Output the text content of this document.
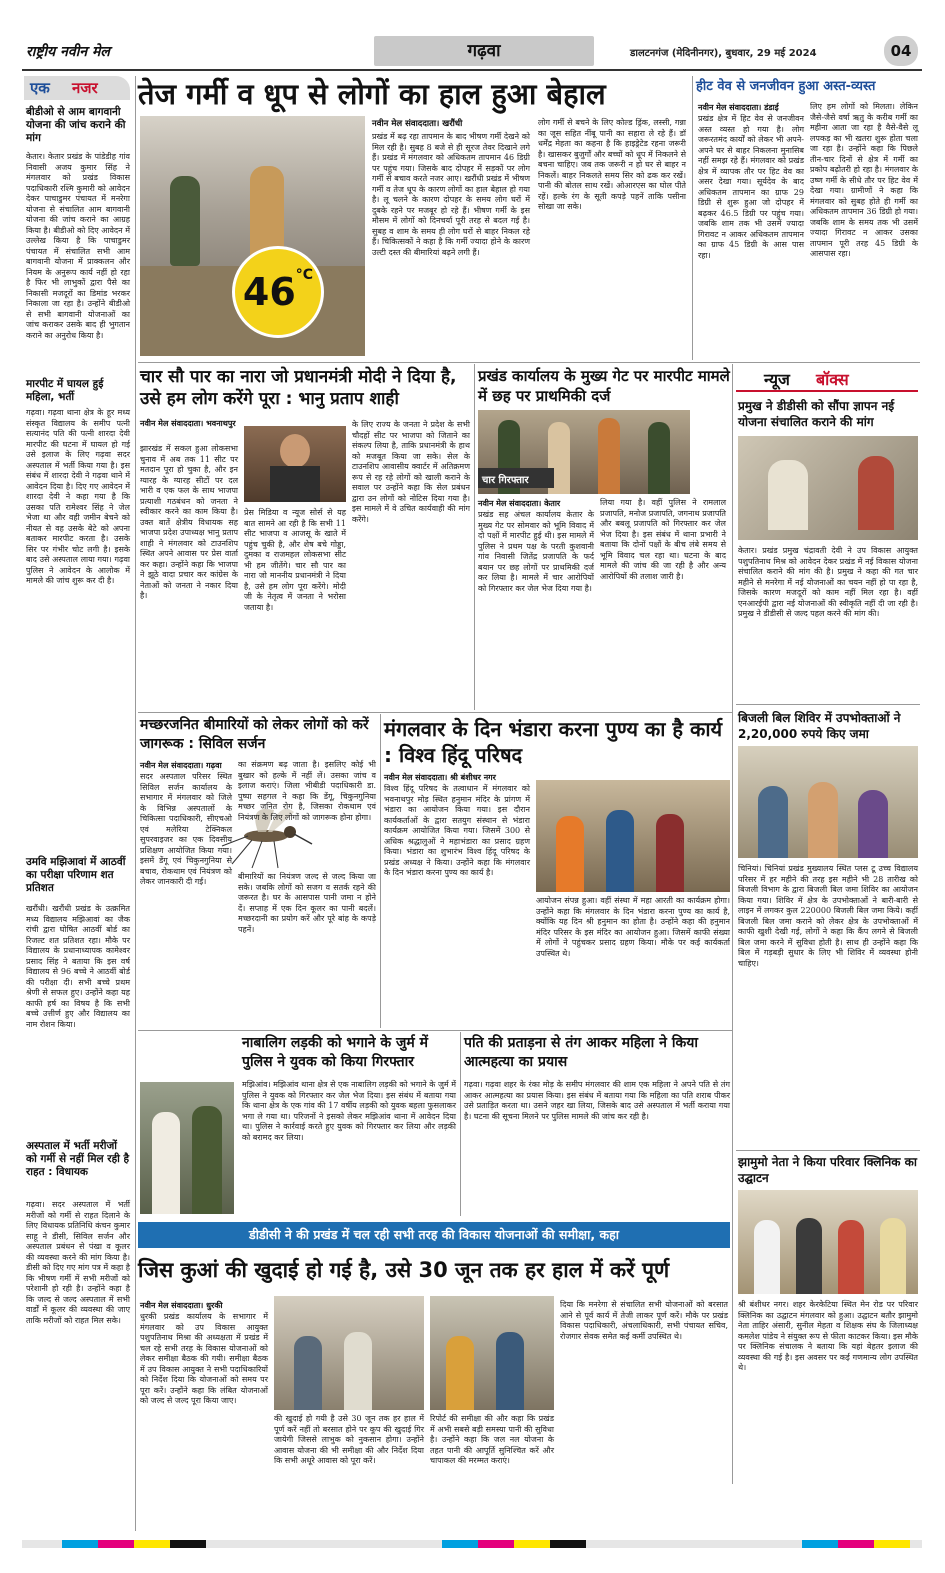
राष्ट्रीय नवीन मेल	गढ़वा	डालटनगंज (मेदिनीनगर), बुधवार, 29 मई 2024	04
एक नजर
बीडीओ से आम बागवानी योजना की जांच कराने की मांग
केतार। केतार प्रखंड के पांडेडीह गांव निवासी अजय कुमार सिंह ने मंगलवार को प्रखंड विकास पदाधिकारी रश्मि कुमारी को आवेदन देकर पाचाडुमर पंचायत में मनरेगा योजना से संचालित आम बागवानी योजना की जांच कराने का आग्रह किया है। बीडीओ को दिए आवेदन में उल्लेख किया है कि पाचाडुमर पंचायत में संचालित सभी आम बागवानी योजना में प्राक्कलन और नियम के अनुरूप कार्य नहीं हो रहा है फिर भी लाभुकों द्वारा पैसे का निकासी मजदूरों का डिमांड भरकर निकाला जा रहा है। उन्होंने बीडीओ से सभी बागवानी योजनाओं का जांच कराकर उसके बाद ही भुगतान कराने का अनुरोध किया है।
मारपीट में घायल हुई महिला, भर्ती
गढ़वा। गढ़वा थाना क्षेत्र के हूर मध्य संस्कृत विद्यालय के समीप पत्नी सत्यानंद पति की पत्नी शारदा देवी मारपीट की घटना में घायल हो गई उसे इलाज के लिए गढ़वा सदर अस्पताल में भर्ती किया गया है। इस संबंध में शारदा देवी ने गढ़वा थाने में आवेदन दिया है। दिए गए आवेदन में शारदा देवी ने कहा गया है कि उसका पति रामेश्वर सिंह ने जेल भेजा था और वही जमीन बेचने को नीयत से वह उसके बेटे को अपना बताकर मारपीट करता है। उसके सिर पर गंभीर चोट लगी है। इसके बाद उसे अस्पताल लाया गया। गढ़वा पुलिस ने आवेदन के आलोक में मामले की जांच शुरू कर दी है।
उमवि मझिआवां में आठवीं का परीक्षा परिणाम शत प्रतिशत
खरौंधी। खरौंधी प्रखंड के उत्क्रमित मध्य विद्यालय मझिआवां का जैक रांची द्वारा घोषित आठवीं बोर्ड का रिजल्ट शत प्रतिशत रहा। मौके पर विद्यालय के प्रधानाध्यापक कामेश्वर प्रसाद सिंह ने बताया कि इस वर्ष विद्यालय से 96 बच्चे ने आठवीं बोर्ड की परीक्षा दी। सभी बच्चे प्रथम श्रेणी से सफल हुए। उन्होंने कहा यह काफी हर्ष का विषय है कि सभी बच्चे उत्तीर्ण हुए और विद्यालय का नाम रोशन किया।
अस्पताल में भर्ती मरीजों को गर्मी से नहीं मिल रही है राहत : विधायक
गढ़वा। सदर अस्पताल में भर्ती मरीजों को गर्मी से राहत दिलाने के लिए विधायक प्रतिनिधि कंचन कुमार साहू ने डीसी, सिविल सर्जन और अस्पताल प्रबंधन से पंखा व कूलर की व्यवस्था करने की मांग किया है। डीसी को दिए गए मांग पत्र में कहा है कि भीषण गर्मी में सभी मरीजों को परेशानी हो रही है। उन्होंने कहा है कि जल्द से जल्द अस्पताल में सभी वार्डों में कूलर की व्यवस्था की जाए ताकि मरीजों को राहत मिल सके।
तेज गर्मी व धूप से लोगों का हाल हुआ बेहाल
46°C
नवीन मेल संवाददाता। खरौंधी
प्रखंड में बढ़ रहा तापमान के बाद भीषण गर्मी देखने को मिल रही है। सुबह 8 बजे से ही सूरज तेवर दिखाने लगे हैं। प्रखंड में मंगलवार को अधिकतम तापमान 46 डिग्री पर पहुंच गया। जिसके बाद दोपहर में सड़कों पर लोग गर्मी से बचाव करते नजर आए। खरौंधी प्रखंड में भीषण गर्मी व तेज धूप के कारण लोगों का हाल बेहाल हो गया है। लू चलने के कारण दोपहर के समय लोग घरों में दुबके रहने पर मजबूर हो रहे हैं। भीषण गर्मी के इस मौसम में लोगों को दिनचर्या पूरी तरह से बदल गई है। सुबह व शाम के समय ही लोग घरों से बाहर निकल रहे हैं। चिकित्सकों ने कहा है कि गर्मी ज्यादा होने के कारण उल्टी दस्त की बीमारियां बढ़ने लगी हैं।
लोग गर्मी से बचने के लिए कोल्ड ड्रिंक, लस्सी, गन्ना का जूस सहित नींबू पानी का सहारा ले रहे हैं। डॉ धर्मेंद्र मेहता का कहना है कि हाइड्रेटेड रहना जरूरी है। खासकर बुजुर्गों और बच्चों को धूप में निकलने से बचना चाहिए। जब तक जरूरी न हो घर से बाहर न निकलें। बाहर निकलते समय सिर को ढक कर रखें। पानी की बोतल साथ रखें। ओआरएस का घोल पीते रहें। हल्के रंग के सूती कपड़े पहनें ताकि पसीना सोखा जा सके।
हीट वेव से जनजीवन हुआ अस्त-व्यस्त
नवीन मेल संवाददाता। डंडाई
प्रखंड क्षेत्र में हिट वेव से जनजीवन अस्त व्यस्त हो गया है। लोग जरूरतमंद कार्यों को लेकर भी अपने-अपने घर से बाहर निकलना मुनासिब नहीं समझ रहे हैं। मंगलवार को प्रखंड क्षेत्र में व्यापक तौर पर हिट वेव का असर देखा गया। सूर्यदेव के बाद अधिकतम तापमान का ग्राफ 29 डिग्री से शुरू हुआ जो दोपहर में बढ़कर 46.5 डिग्री पर पहुंच गया। जबकि शाम तक भी उसमें ज्यादा गिरावट न आकर अधिकतम तापमान का ग्राफ 45 डिग्री के आस पास रहा।
लिए हम लोगों को मिलता। लेकिन जैसे-जैसे वर्षा ऋतु के करीब गर्मी का महीना आता जा रहा है वैसे-वैसे लू लपकड़ का भी खतरा शुरू होता चला जा रहा है। उन्होंने कहा कि पिछले तीन-चार दिनों से क्षेत्र में गर्मी का प्रकोप बढ़ोतरी हो रहा है। मंगलवार के उष्ण गर्मी के सीधे तौर पर हिट वेव में देखा गया। ग्रामीणों ने कहा कि मंगलवार को सुबह होते ही गर्मी का अधिकतम तापमान 36 डिग्री हो गया। जबकि शाम के समय तक भी उसमें ज्यादा गिरावट न आकर उसका तापमान पूरी तरह 45 डिग्री के आसपास रहा।
चार सौ पार का नारा जो प्रधानमंत्री मोदी ने दिया है, उसे हम लोग करेंगे पूरा : भानु प्रताप शाही
नवीन मेल संवाददाता। भवनाथपुर
झारखंड में सकल हुआ लोकसभा चुनाव में अब तक 11 सीट पर मतदान पूरा हो चुका है, और इन ग्यारह के ग्यारह सीटों पर दल भारी व एक फल के साथ भाजपा प्रत्याशी गठबंधन को जनता ने स्वीकार करने का काम किया है। उक्त बातें क्षेत्रीय विधायक सह भाजपा प्रदेश उपाध्यक्ष भानु प्रताप शाही ने मंगलवार को टाउनशिप स्थित अपने आवास पर प्रेस वार्ता कर कहा। उन्होंने कहा कि भाजपा ने झूठे वादा प्रचार कर कांग्रेस के नेताओं को जनता ने नकार दिया है।
प्रेस मिडिया व न्यूज सोर्स से यह बात सामने आ रही है कि सभी 11 सीट भाजपा व आजसू के खाते में पहुंच चुकी है, और शेष बचे गोड्डा, दुमका व राजमहल लोकसभा सीट भी हम जीतेंगे। चार सौ पार का नारा जो माननीय प्रधानमंत्री ने दिया है, उसे हम लोग पूरा करेंगे। मोदी जी के नेतृत्व में जनता ने भरोसा जताया है।
के लिए राज्य के जनता ने प्रदेश के सभी चौदहों सीट पर भाजपा को जिताने का संकल्प लिया है, ताकि प्रधानमंत्री के हाथ को मजबूत किया जा सके। सेल के टाउनशिप आवासीय क्वार्टर में अतिक्रमण रूप से रह रहे लोगों को खाली कराने के सवाल पर उन्होंने कहा कि सेल प्रबंधन द्वारा उन लोगों को नोटिस दिया गया है। इस मामले में वे उचित कार्यवाही की मांग करेंगे।
प्रखंड कार्यालय के मुख्य गेट पर मारपीट मामले में छह पर प्राथमिकी दर्ज
चार गिरफ्तार
नवीन मेल संवाददाता। केतार
प्रखंड सह अंचल कार्यालय केतार के मुख्य गेट पर सोमवार को भूमि विवाद में दो पक्षों में मारपीट हुई थी। इस मामले में पुलिस ने प्रथम पक्ष के परती कुशवानी गांव निवासी जितेंद्र प्रजापति के फर्द बयान पर छह लोगों पर प्राथमिकी दर्ज कर लिया है। मामले में चार आरोपियों को गिरफ्तार कर जेल भेज दिया गया है।
लिया गया है। वहीं पुलिस ने रामलाल प्रजापति, मनोज प्रजापति, जगनाथ प्रजापति और बबलू प्रजापति को गिरफ्तार कर जेल भेज दिया है। इस संबंध में थाना प्रभारी ने बताया कि दोनों पक्षों के बीच लंबे समय से भूमि विवाद चल रहा था। घटना के बाद मामले की जांच की जा रही है और अन्य आरोपियों की तलाश जारी है।
न्यूज बॉक्स
प्रमुख ने डीडीसी को सौंपा ज्ञापन नई योजना संचालित कराने की मांग
केतार। प्रखंड प्रमुख चंद्रावती देवी ने उप विकास आयुक्त पशुपतिनाथ मिश्र को आवेदन देकर प्रखंड में नई विकास योजना संचालित कराने की मांग की है। प्रमुख ने कहा की गत चार महीने से मनरेगा में नई योजनाओं का चयन नहीं हो पा रहा है, जिसके कारण मजदूरों को काम नहीं मिल रहा है। वहीं एनआरईपी द्वारा नई योजनाओं की स्वीकृति नहीं दी जा रही है। प्रमुख ने डीडीसी से जल्द पहल करने की मांग की।
बिजली बिल शिविर में उपभोक्ताओं ने 2,20,000 रुपये किए जमा
चिनियां। चिनियां प्रखंड मुख्यालय स्थित प्लस टू उच्च विद्यालय परिसर में हर महीने की तरह इस महीने भी 28 तारीख को बिजली विभाग के द्वारा बिजली बिल जमा शिविर का आयोजन किया गया। शिविर में क्षेत्र के उपभोक्ताओं ने बारी-बारी से लाइन में लगकर कुल 220000 बिजली बिल जमा किये। कहीं बिजली बिल जमा कराने को लेकर क्षेत्र के उपभोक्ताओं में काफी खुशी देखी गई, लोगों ने कहा कि कैंप लगने से बिजली बिल जमा करने में सुविधा होती है। साथ ही उन्होंने कहा कि बिल में गड़बड़ी सुधार के लिए भी शिविर में व्यवस्था होनी चाहिए।
झामुमो नेता ने किया परिवार क्लिनिक का उद्घाटन
श्री बंशीधर नगर। शहर केरकेटिया स्थित मेन रोड पर परिवार क्लिनिक का उद्घाटन मंगलवार को हुआ। उद्घाटन बतौर झामुमो नेता ताहिर अंसारी, सुनील मेहता व शिक्षक संघ के जिलाध्यक्ष कमलेश पांडेय ने संयुक्त रूप से फीता काटकर किया। इस मौके पर क्लिनिक संचालक ने बताया कि यहां बेहतर इलाज की व्यवस्था की गई है। इस अवसर पर कई गणमान्य लोग उपस्थित थे।
मच्छरजनित बीमारियों को लेकर लोगों को करें जागरूक : सिविल सर्जन
नवीन मेल संवाददाता। गढ़वा
सदर अस्पताल परिसर स्थित सिविल सर्जन कार्यालय के सभागार में मंगलवार को जिले के विभिन्न अस्पतालों के चिकित्सा पदाधिकारी, सीएचओ एवं मलेरिया टेक्निकल सुपरवाइजर का एक दिवसीय प्रशिक्षण आयोजित किया गया। इसमें डेंगू एवं चिकुनगुनिया से बचाव, रोकथाम एवं नियंत्रण को लेकर जानकारी दी गई।
का संक्रमण बढ़ जाता है। इसलिए कोई भी बुखार को हल्के में नहीं लें। उसका जांच व इलाज कराएं। जिला भीबीडी पदाधिकारी डा. पुष्पा सहगल ने कहा कि डेंगू, चिकुनगुनिया मच्छर जनित रोग है, जिसका रोकथाम एवं नियंत्रण के लिए लोगों को जागरूक होना होगा।
बीमारियों का नियंत्रण जल्द से जल्द किया जा सके। जबकि लोगों को सजग व सतर्क रहने की जरूरत है। घर के आसपास पानी जमा न होने दें। सप्ताह में एक दिन कूलर का पानी बदलें। मच्छरदानी का प्रयोग करें और पूरे बांह के कपड़े पहनें।
मंगलवार के दिन भंडारा करना पुण्य का है कार्य : विश्व हिंदू परिषद
नवीन मेल संवाददाता। श्री बंशीधर नगर
विश्व हिंदू परिषद के तत्वाधान में मंगलवार को भवनाथपुर मोड़ स्थित हनुमान मंदिर के प्रांगण में भंडारा का आयोजन किया गया। इस दौरान कार्यकर्ताओं के द्वारा सतयुग संस्थान से भंडारा कार्यक्रम आयोजित किया गया। जिसमें 300 से अधिक श्रद्धालुओं ने महाभंडारा का प्रसाद ग्रहण किया। भंडारा का शुभारंभ विश्व हिंदू परिषद के प्रखंड अध्यक्ष ने किया। उन्होंने कहा कि मंगलवार के दिन भंडारा करना पुण्य का कार्य है।
आयोजन संपन्न हुआ। वहीं संस्था में महा आरती का कार्यक्रम होगा। उन्होंने कहा कि मंगलवार के दिन भंडारा करना पुण्य का कार्य है, क्योंकि यह दिन श्री हनुमान का होता है। उन्होंने कहा की हनुमान मंदिर परिसर के इस मंदिर का आयोजन हुआ। जिसमें काफी संख्या में लोगों ने पहुंचकर प्रसाद ग्रहण किया। मौके पर कई कार्यकर्ता उपस्थित थे।
नाबालिग लड़की को भगाने के जुर्म में पुलिस ने युवक को किया गिरफ्तार
मझिआंव। मझिआंव थाना क्षेत्र से एक नाबालिग लड़की को भगाने के जुर्म में पुलिस ने युवक को गिरफ्तार कर जेल भेज दिया। इस संबंध में बताया गया कि थाना क्षेत्र के एक गांव की 17 वर्षीय लड़की को युवक बहला फुसलाकर भगा ले गया था। परिजनों ने इसको लेकर मझिआंव थाना में आवेदन दिया था। पुलिस ने कार्रवाई करते हुए युवक को गिरफ्तार कर लिया और लड़की को बरामद कर लिया।
पति की प्रताड़ना से तंग आकर महिला ने किया आत्महत्या का प्रयास
गढ़वा। गढ़वा शहर के रंका मोड़ के समीप मंगलवार की शाम एक महिला ने अपने पति से तंग आकर आत्महत्या का प्रयास किया। इस संबंध में बताया गया कि महिला का पति शराब पीकर उसे प्रताड़ित करता था। उसने जहर खा लिया, जिसके बाद उसे अस्पताल में भर्ती कराया गया है। घटना की सूचना मिलने पर पुलिस मामले की जांच कर रही है।
डीडीसी ने की प्रखंड में चल रही सभी तरह की विकास योजनाओं की समीक्षा, कहा
जिस कुआं की खुदाई हो गई है, उसे 30 जून तक हर हाल में करें पूर्ण
नवीन मेल संवाददाता। धुरकी
धुरकी प्रखंड कार्यालय के सभागार में मंगलवार को उप विकास आयुक्त पशुपतिनाथ मिश्रा की अध्यक्षता में प्रखंड में चल रहे सभी तरह के विकास योजनाओं को लेकर समीक्षा बैठक की गयी। समीक्षा बैठक में उप विकास आयुक्त ने सभी पदाधिकारियों को निर्देश दिया कि योजनाओं को समय पर पूरा करें। उन्होंने कहा कि लंबित योजनाओं को जल्द से जल्द पूरा किया जाए।
की खुदाई हो गयी है उसे 30 जून तक हर हाल में पूर्ण करें नहीं तो बरसात होने पर कूप की खुदाई गिर जायेगी जिससे लाभुक को नुकसान होगा। उन्होंने आवास योजना की भी समीक्षा की और निर्देश दिया कि सभी अधूरे आवास को पूरा करें।
रिपोर्ट की समीक्षा की और कहा कि प्रखंड में अभी सबसे बड़ी समस्या पानी की सुविधा है। उन्होंने कहा कि जल नल योजना के तहत पानी की आपूर्ति सुनिश्चित करें और चापाकल की मरम्मत कराएं।
दिया कि मनरेगा से संचालित सभी योजनाओं को बरसात आने से पूर्व कार्य में तेजी लाकर पूर्ण करें। मौके पर प्रखंड विकास पदाधिकारी, अंचलाधिकारी, सभी पंचायत सचिव, रोजगार सेवक समेत कई कर्मी उपस्थित थे।
